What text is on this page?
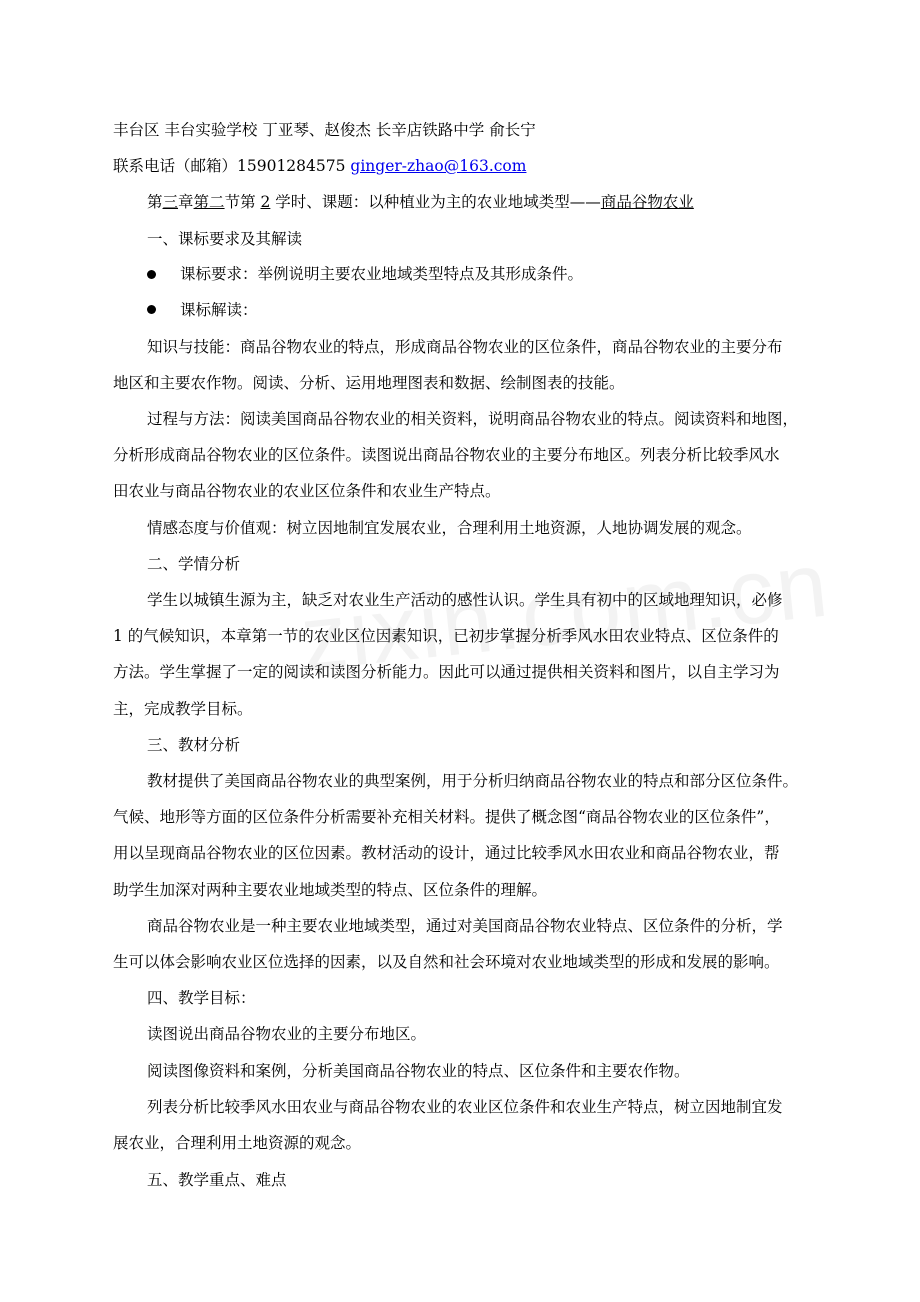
丰台区 丰台实验学校 丁亚琴、赵俊杰 长辛店铁路中学 俞长宁
联系电话（邮箱）15901284575 ginger-zhao@163.com
第三章第二节第 2 学时、课题：以种植业为主的农业地域类型——商品谷物农业
一、课标要求及其解读
课标要求：举例说明主要农业地域类型特点及其形成条件。
课标解读：
知识与技能：商品谷物农业的特点，形成商品谷物农业的区位条件，商品谷物农业的主要分布
地区和主要农作物。阅读、分析、运用地理图表和数据、绘制图表的技能。
过程与方法：阅读美国商品谷物农业的相关资料，说明商品谷物农业的特点。阅读资料和地图，
分析形成商品谷物农业的区位条件。读图说出商品谷物农业的主要分布地区。列表分析比较季风水
田农业与商品谷物农业的农业区位条件和农业生产特点。
情感态度与价值观：树立因地制宜发展农业，合理利用土地资源，人地协调发展的观念。
二、学情分析
学生以城镇生源为主，缺乏对农业生产活动的感性认识。学生具有初中的区域地理知识，必修
1 的气候知识，本章第一节的农业区位因素知识，已初步掌握分析季风水田农业特点、区位条件的
方法。学生掌握了一定的阅读和读图分析能力。因此可以通过提供相关资料和图片，以自主学习为
主，完成教学目标。
三、教材分析
教材提供了美国商品谷物农业的典型案例，用于分析归纳商品谷物农业的特点和部分区位条件。
气候、地形等方面的区位条件分析需要补充相关材料。提供了概念图“商品谷物农业的区位条件”，
用以呈现商品谷物农业的区位因素。教材活动的设计，通过比较季风水田农业和商品谷物农业，帮
助学生加深对两种主要农业地域类型的特点、区位条件的理解。
商品谷物农业是一种主要农业地域类型，通过对美国商品谷物农业特点、区位条件的分析，学
生可以体会影响农业区位选择的因素，以及自然和社会环境对农业地域类型的形成和发展的影响。
四、教学目标：
读图说出商品谷物农业的主要分布地区。
阅读图像资料和案例，分析美国商品谷物农业的特点、区位条件和主要农作物。
列表分析比较季风水田农业与商品谷物农业的农业区位条件和农业生产特点，树立因地制宜发
展农业，合理利用土地资源的观念。
五、教学重点、难点
